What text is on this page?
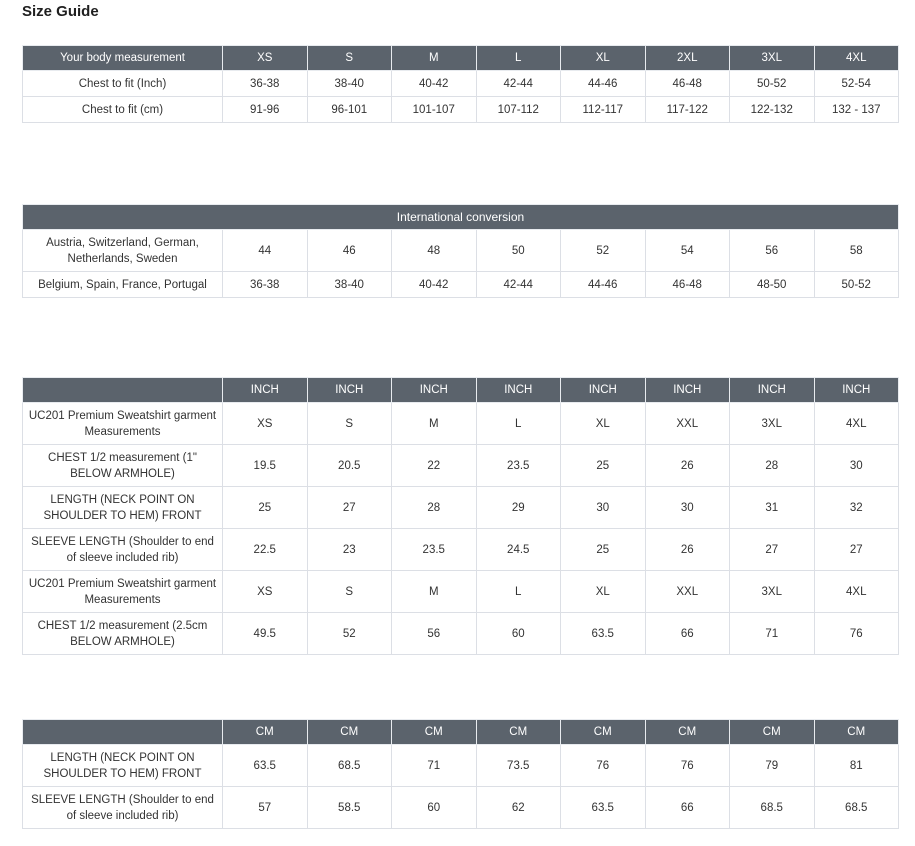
Size Guide
Your body measurement	XS	S	M	L	XL	2XL	3XL	4XL
Chest to fit (Inch)	36-38	38-40	40-42	42-44	44-46	46-48	50-52	52-54
Chest to fit (cm)	91-96	96-101	101-107	107-112	112-117	117-122	122-132	132 - 137
International conversion								
Austria, Switzerland, German, Netherlands, Sweden	44	46	48	50	52	54	56	58
Belgium, Spain, France, Portugal	36-38	38-40	40-42	42-44	44-46	46-48	48-50	50-52
	INCH	INCH	INCH	INCH	INCH	INCH	INCH	INCH
UC201 Premium Sweatshirt garment Measurements	XS	S	M	L	XL	XXL	3XL	4XL
CHEST 1/2 measurement (1" BELOW ARMHOLE)	19.5	20.5	22	23.5	25	26	28	30
LENGTH (NECK POINT ON SHOULDER TO HEM) FRONT	25	27	28	29	30	30	31	32
SLEEVE LENGTH (Shoulder to end of sleeve included rib)	22.5	23	23.5	24.5	25	26	27	27
UC201 Premium Sweatshirt garment Measurements	XS	S	M	L	XL	XXL	3XL	4XL
CHEST 1/2 measurement (2.5cm BELOW ARMHOLE)	49.5	52	56	60	63.5	66	71	76
	CM	CM	CM	CM	CM	CM	CM	CM
LENGTH (NECK POINT ON SHOULDER TO HEM) FRONT	63.5	68.5	71	73.5	76	76	79	81
SLEEVE LENGTH (Shoulder to end of sleeve included rib)	57	58.5	60	62	63.5	66	68.5	68.5
